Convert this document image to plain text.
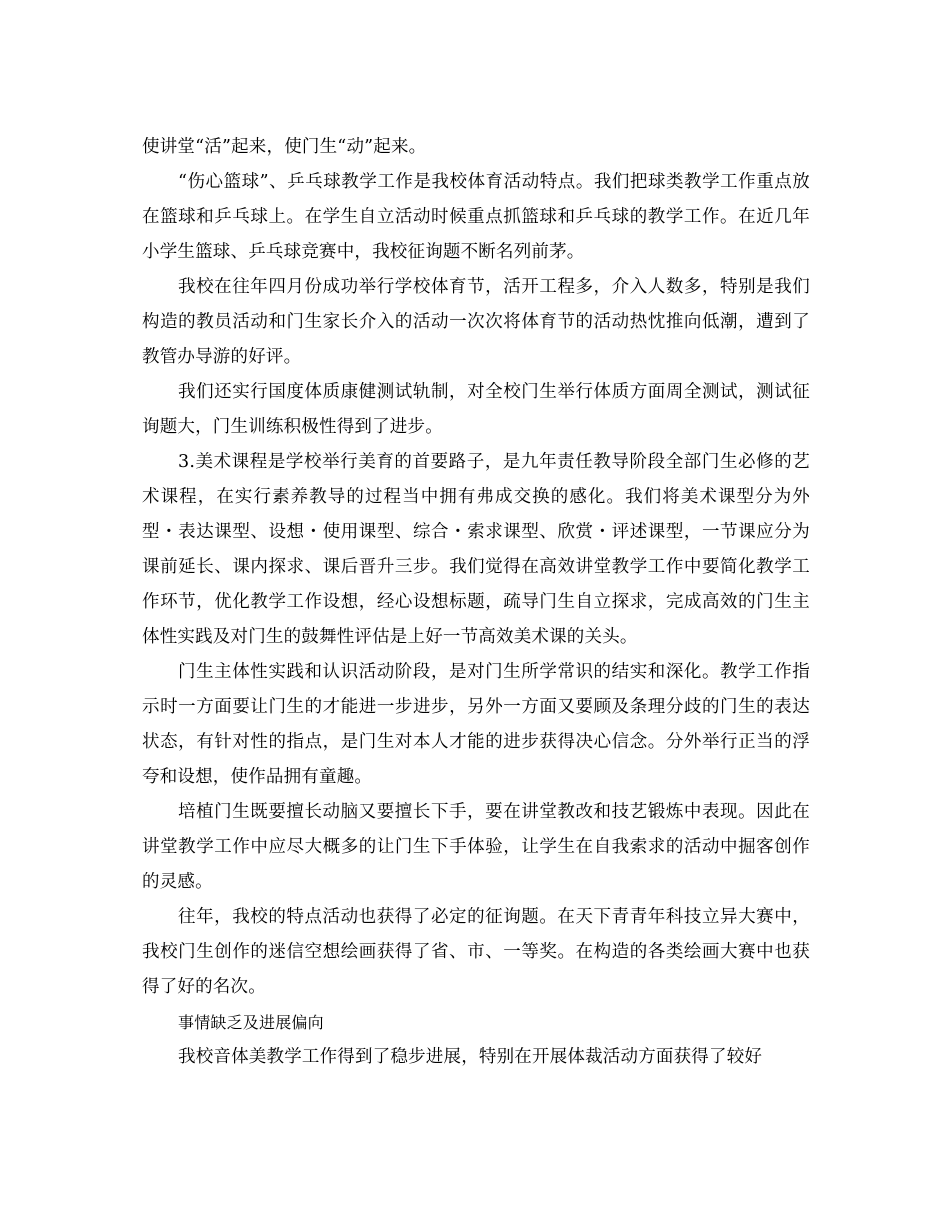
使讲堂“活”起来，使门生“动”起来。

“伤心篮球”、乒乓球教学工作是我校体育活动特点。我们把球类教学工作重点放在篮球和乒乓球上。在学生自立活动时候重点抓篮球和乒乓球的教学工作。在近几年小学生篮球、乒乓球竞赛中，我校征询题不断名列前茅。

我校在往年四月份成功举行学校体育节，活开工程多，介入人数多，特别是我们构造的教员活动和门生家长介入的活动一次次将体育节的活动热忱推向低潮，遭到了教管办导游的好评。

我们还实行国度体质康健测试轨制，对全校门生举行体质方面周全测试，测试征询题大，门生训练积极性得到了进步。

3.美术课程是学校举行美育的首要路子，是九年责任教导阶段全部门生必修的艺术课程，在实行素养教导的过程当中拥有弗成交换的感化。我们将美术课型分为外型・表达课型、设想・使用课型、综合・索求课型、欣赏・评述课型，一节课应分为课前延长、课内探求、课后晋升三步。我们觉得在高效讲堂教学工作中要简化教学工作环节，优化教学工作设想，经心设想标题，疏导门生自立探求，完成高效的门生主体性实践及对门生的鼓舞性评估是上好一节高效美术课的关头。

门生主体性实践和认识活动阶段，是对门生所学常识的结实和深化。教学工作指示时一方面要让门生的才能进一步进步，另外一方面又要顾及条理分歧的门生的表达状态，有针对性的指点，是门生对本人才能的进步获得决心信念。分外举行正当的浮夸和设想，使作品拥有童趣。

培植门生既要擅长动脑又要擅长下手，要在讲堂教改和技艺锻炼中表现。因此在讲堂教学工作中应尽大概多的让门生下手体验，让学生在自我索求的活动中掘客创作的灵感。

往年，我校的特点活动也获得了必定的征询题。在天下青青年科技立异大赛中，我校门生创作的迷信空想绘画获得了省、市、一等奖。在构造的各类绘画大赛中也获得了好的名次。

事情缺乏及进展偏向

我校音体美教学工作得到了稳步进展，特别在开展体裁活动方面获得了较好
